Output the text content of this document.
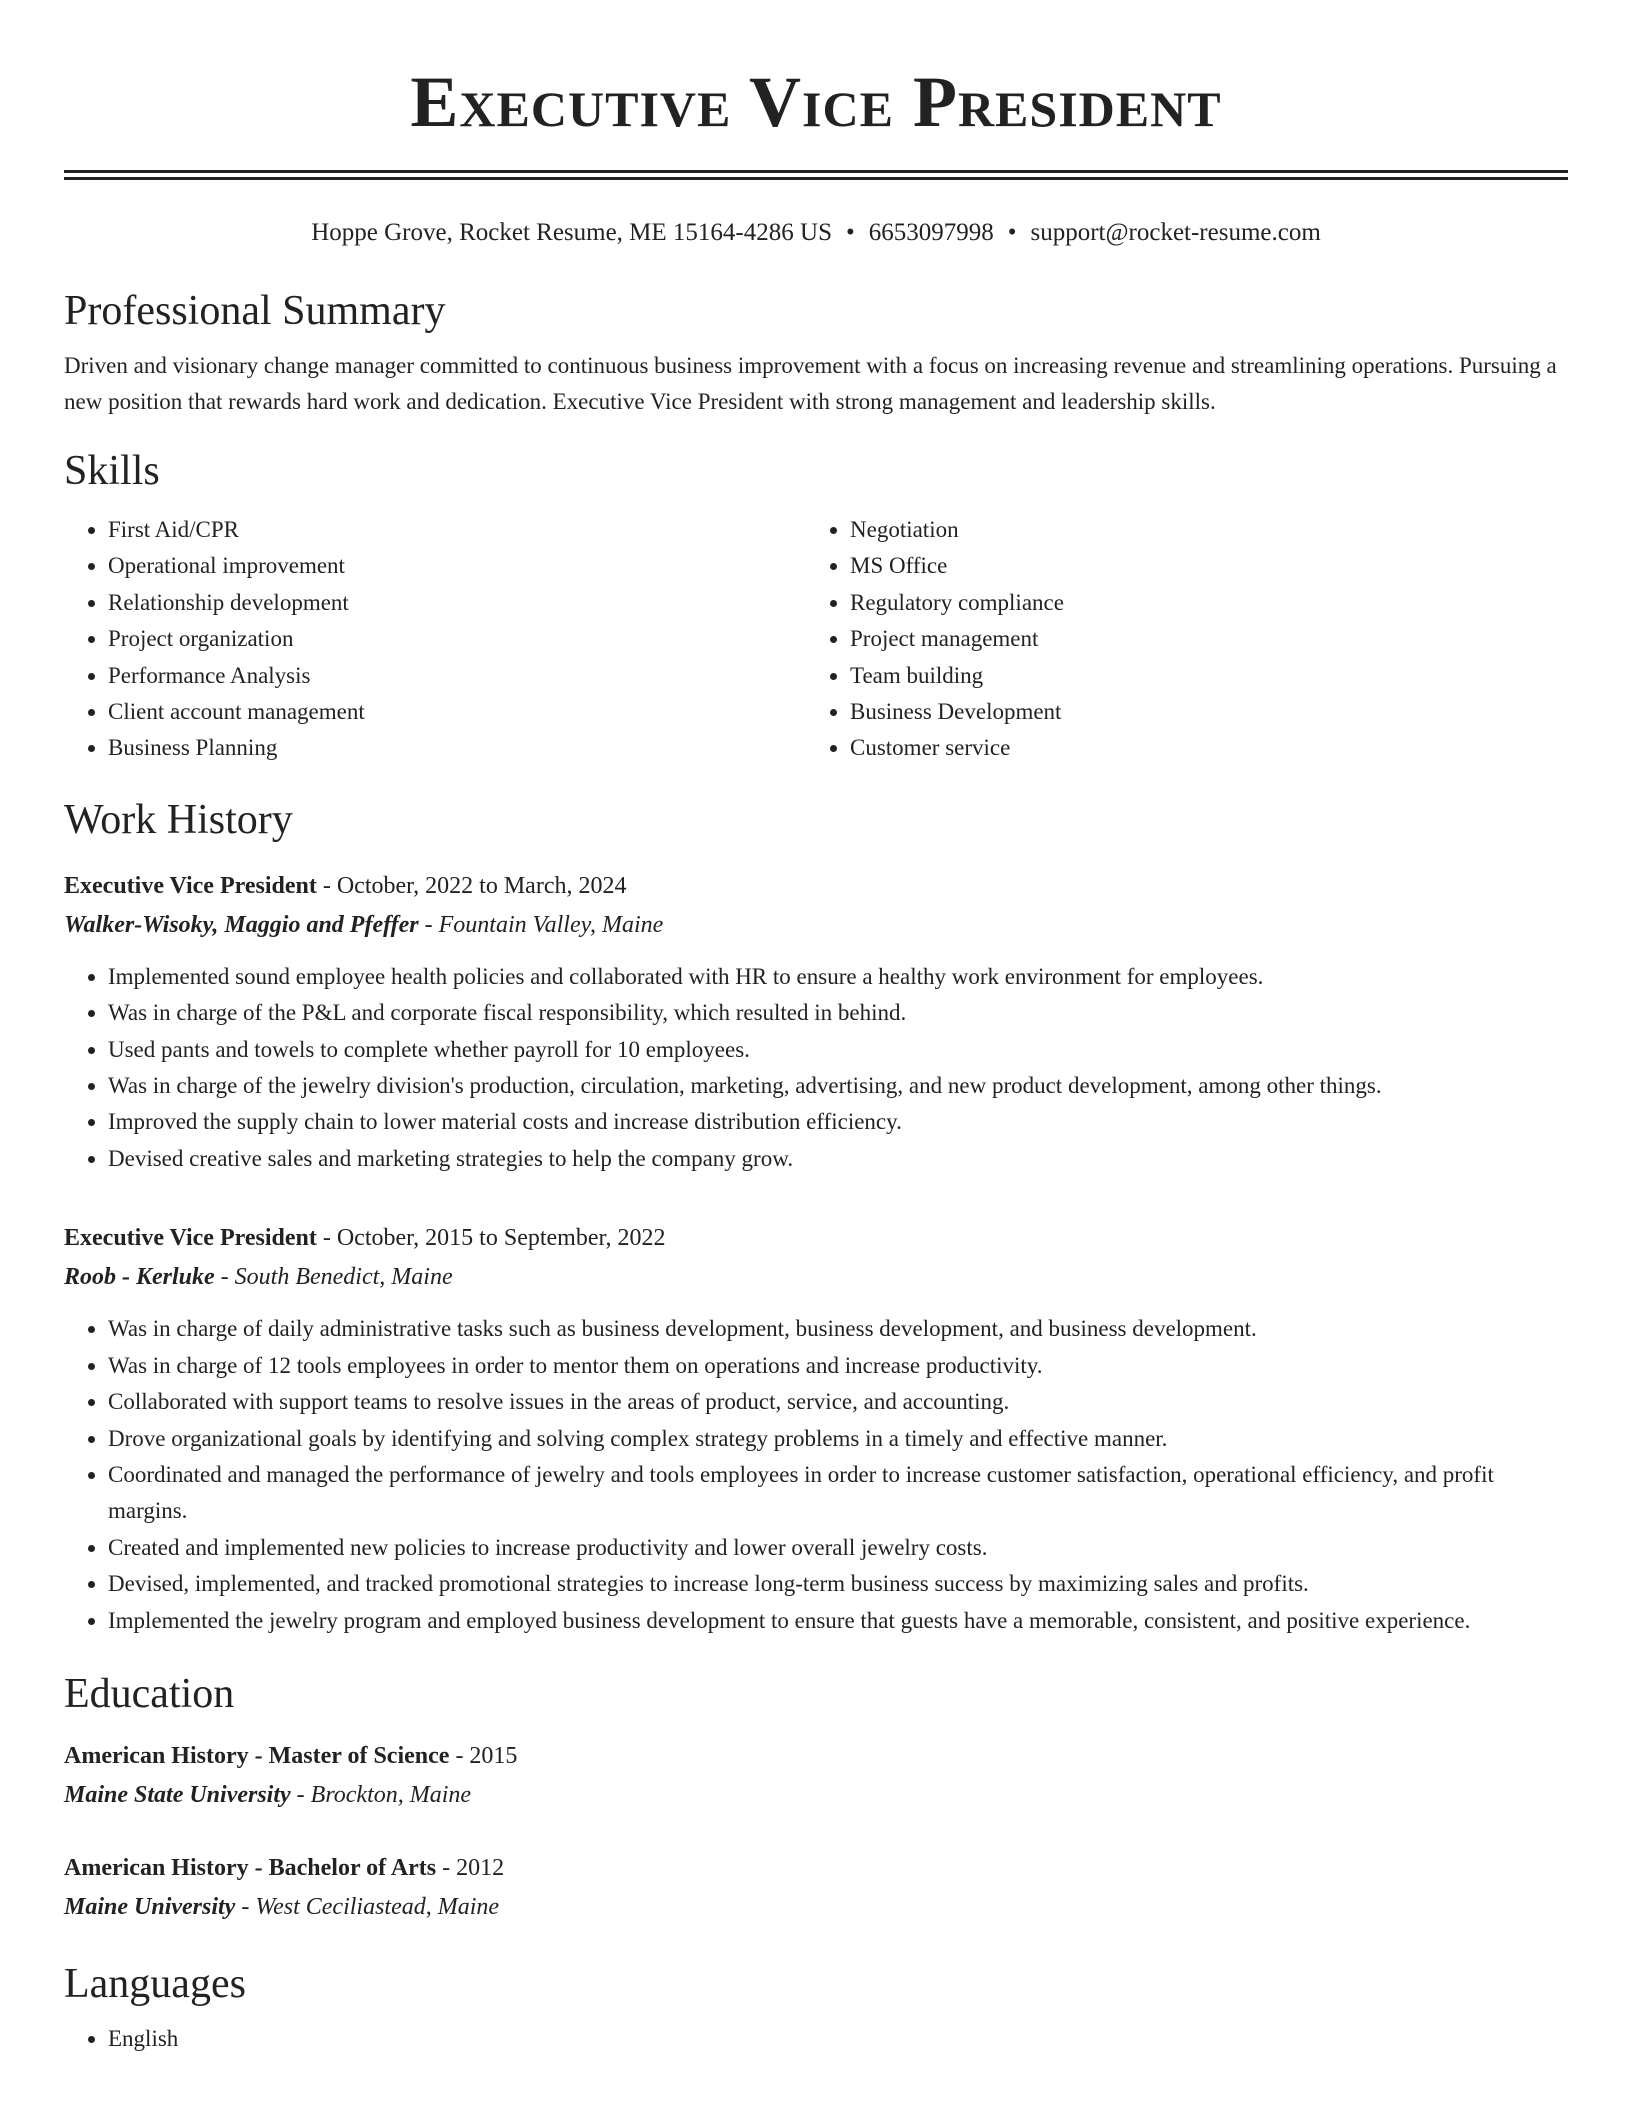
Executive Vice President
Hoppe Grove, Rocket Resume, ME 15164-4286 US • 6653097998 • support@rocket-resume.com
Professional Summary

Driven and visionary change manager committed to continuous business improvement with a focus on increasing revenue and streamlining operations. Pursuing a new position that rewards hard work and dedication. Executive Vice President with strong management and leadership skills.

Skills
• First Aid/CPR
• Operational improvement
• Relationship development
• Project organization
• Performance Analysis
• Client account management
• Business Planning
• Negotiation
• MS Office
• Regulatory compliance
• Project management
• Team building
• Business Development
• Customer service
Work History
Executive Vice President - October, 2022 to March, 2024
Walker-Wisoky, Maggio and Pfeffer - Fountain Valley, Maine
• Implemented sound employee health policies and collaborated with HR to ensure a healthy work environment for employees.
• Was in charge of the P&L and corporate fiscal responsibility, which resulted in behind.
• Used pants and towels to complete whether payroll for 10 employees.
• Was in charge of the jewelry division's production, circulation, marketing, advertising, and new product development, among other things.
• Improved the supply chain to lower material costs and increase distribution efficiency.
• Devised creative sales and marketing strategies to help the company grow.
Executive Vice President - October, 2015 to September, 2022
Roob - Kerluke - South Benedict, Maine
• Was in charge of daily administrative tasks such as business development, business development, and business development.
• Was in charge of 12 tools employees in order to mentor them on operations and increase productivity.
• Collaborated with support teams to resolve issues in the areas of product, service, and accounting.
• Drove organizational goals by identifying and solving complex strategy problems in a timely and effective manner.
• Coordinated and managed the performance of jewelry and tools employees in order to increase customer satisfaction, operational efficiency, and profit margins.
• Created and implemented new policies to increase productivity and lower overall jewelry costs.
• Devised, implemented, and tracked promotional strategies to increase long-term business success by maximizing sales and profits.
• Implemented the jewelry program and employed business development to ensure that guests have a memorable, consistent, and positive experience.
Education
American History - Master of Science - 2015
Maine State University - Brockton, Maine
American History - Bachelor of Arts - 2012
Maine University - West Ceciliastead, Maine
Languages
• English
